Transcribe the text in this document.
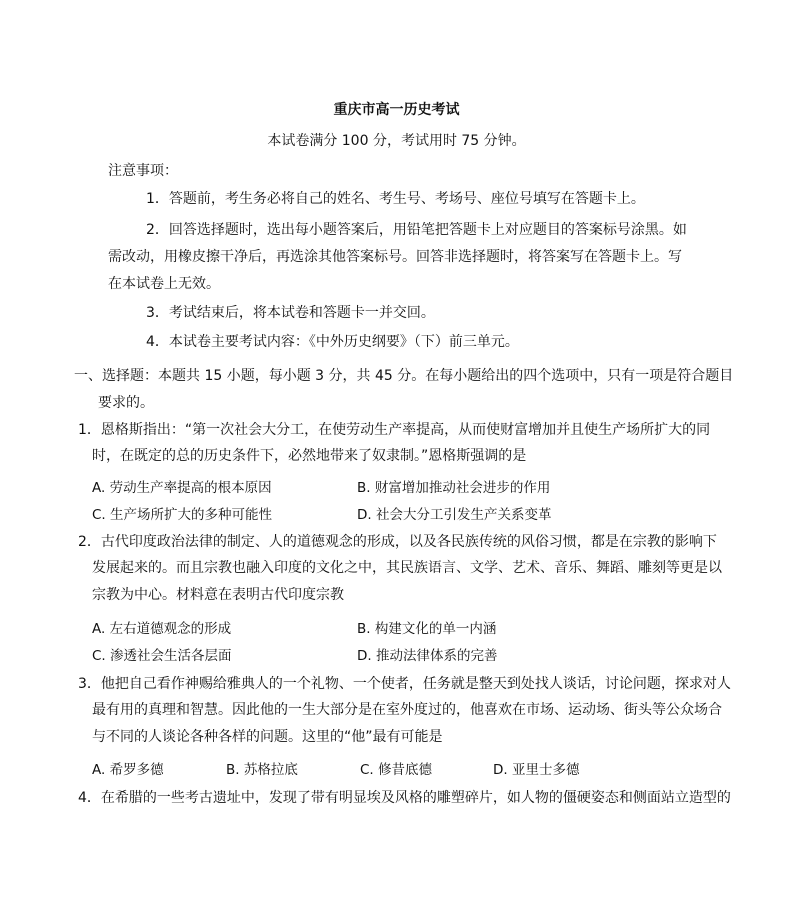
重庆市高一历史考试
本试卷满分 100 分，考试用时 75 分钟。
注意事项：
1．答题前，考生务必将自己的姓名、考生号、考场号、座位号填写在答题卡上。
2．回答选择题时，选出每小题答案后，用铅笔把答题卡上对应题目的答案标号涂黑。如
需改动，用橡皮擦干净后，再选涂其他答案标号。回答非选择题时，将答案写在答题卡上。写
在本试卷上无效。
3．考试结束后，将本试卷和答题卡一并交回。
4．本试卷主要考试内容：《中外历史纲要》（下）前三单元。
一、选择题：本题共 15 小题，每小题 3 分，共 45 分。在每小题给出的四个选项中，只有一项是符合题目
要求的。
1．恩格斯指出：“第一次社会大分工，在使劳动生产率提高，从而使财富增加并且使生产场所扩大的同
时，在既定的总的历史条件下，必然地带来了奴隶制。”恩格斯强调的是
A. 劳动生产率提高的根本原因	B. 财富增加推动社会进步的作用
C. 生产场所扩大的多种可能性	D. 社会大分工引发生产关系变革
2．古代印度政治法律的制定、人的道德观念的形成，以及各民族传统的风俗习惯，都是在宗教的影响下
发展起来的。而且宗教也融入印度的文化之中，其民族语言、文学、艺术、音乐、舞蹈、雕刻等更是以
宗教为中心。材料意在表明古代印度宗教
A. 左右道德观念的形成	B. 构建文化的单一内涵
C. 渗透社会生活各层面	D. 推动法律体系的完善
3．他把自己看作神赐给雅典人的一个礼物、一个使者，任务就是整天到处找人谈话，讨论问题，探求对人
最有用的真理和智慧。因此他的一生大部分是在室外度过的，他喜欢在市场、运动场、街头等公众场合
与不同的人谈论各种各样的问题。这里的“他”最有可能是
A. 希罗多德	B. 苏格拉底	C. 修昔底德	D. 亚里士多德
4．在希腊的一些考古遗址中，发现了带有明显埃及风格的雕塑碎片，如人物的僵硬姿态和侧面站立造型的
